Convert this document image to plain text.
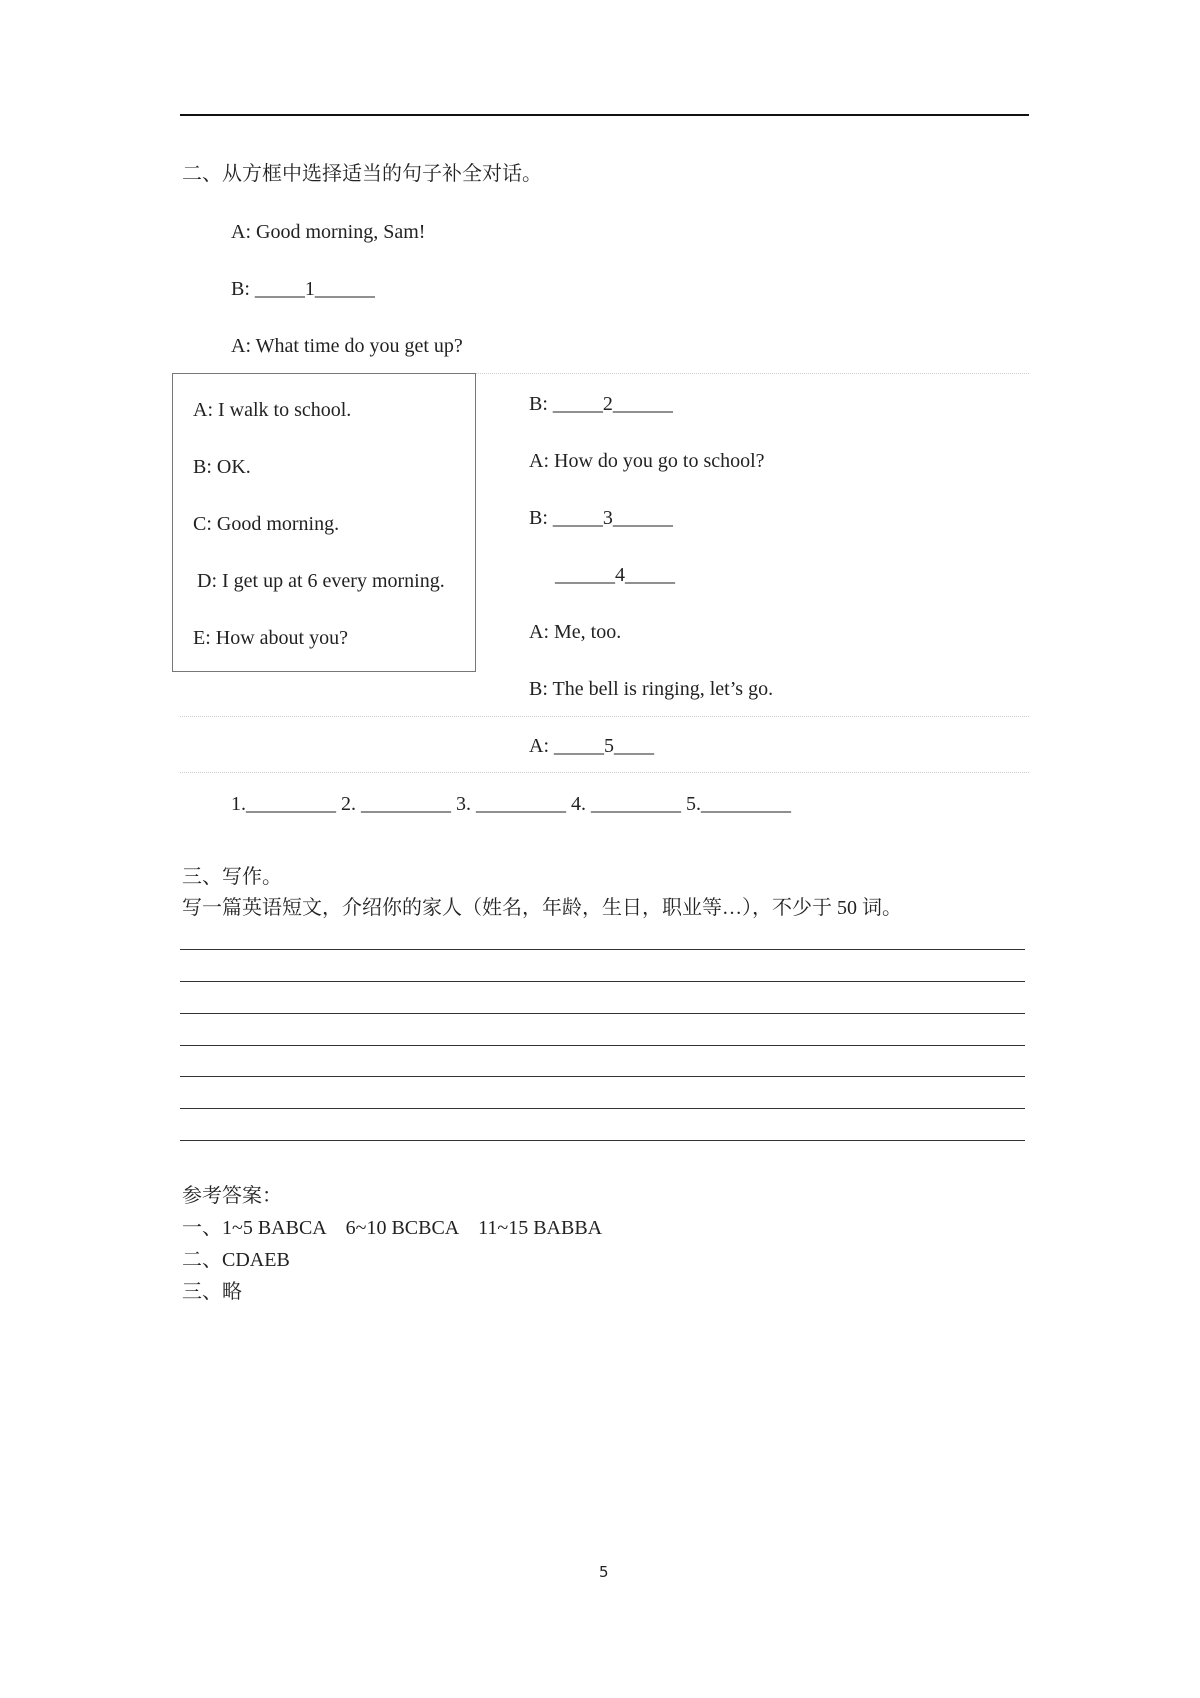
二、从方框中选择适当的句子补全对话。
A: Good morning, Sam!
B: _____1______
A: What time do you get up?
A: I walk to school.
B: OK.
C: Good morning.
D: I get up at 6 every morning.
E: How about you?
B: _____2______
A: How do you go to school?
B: _____3______
______4_____
A: Me, too.
B: The bell is ringing, let’s go.
A: _____5____
1._________ 2. _________ 3. _________ 4. _________ 5._________
三、写作。
写一篇英语短文，介绍你的家人（姓名，年龄，生日，职业等…），不少于 50 词。
参考答案：
一、1~5 BABCA    6~10 BCBCA    11~15 BABBA
二、CDAEB
三、略
5
